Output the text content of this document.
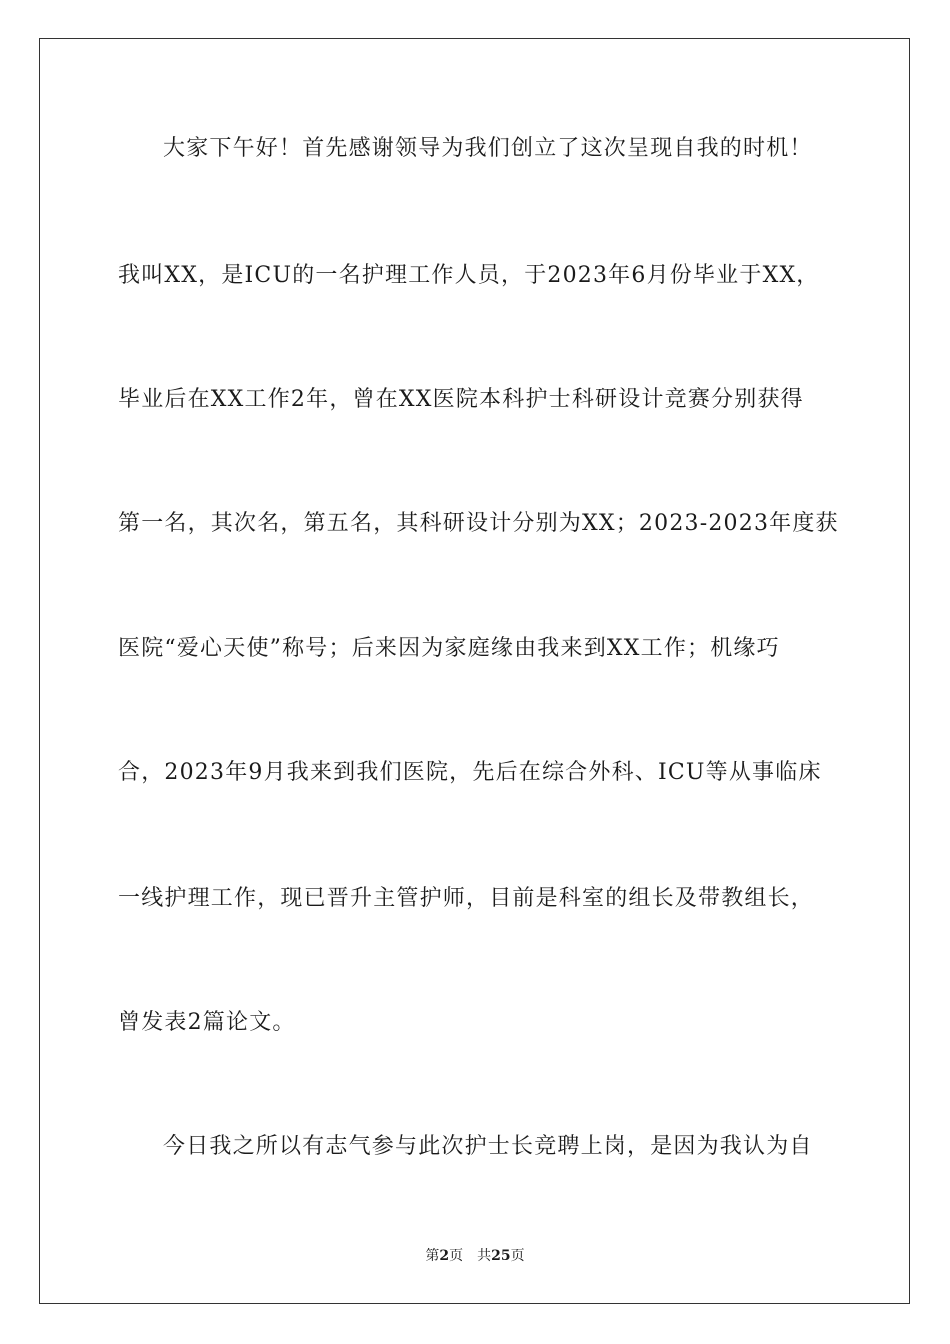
大家下午好！首先感谢领导为我们创立了这次呈现自我的时机！
我叫XX，是ICU的一名护理工作人员，于2023年6月份毕业于XX，
毕业后在XX工作2年，曾在XX医院本科护士科研设计竞赛分别获得
第一名，其次名，第五名，其科研设计分别为XX；2023-2023年度获
医院“爱心天使”称号；后来因为家庭缘由我来到XX工作；机缘巧
合，2023年9月我来到我们医院，先后在综合外科、ICU等从事临床
一线护理工作，现已晋升主管护师，目前是科室的组长及带教组长，
曾发表2篇论文。
今日我之所以有志气参与此次护士长竞聘上岗，是因为我认为自
第2页 共25页
